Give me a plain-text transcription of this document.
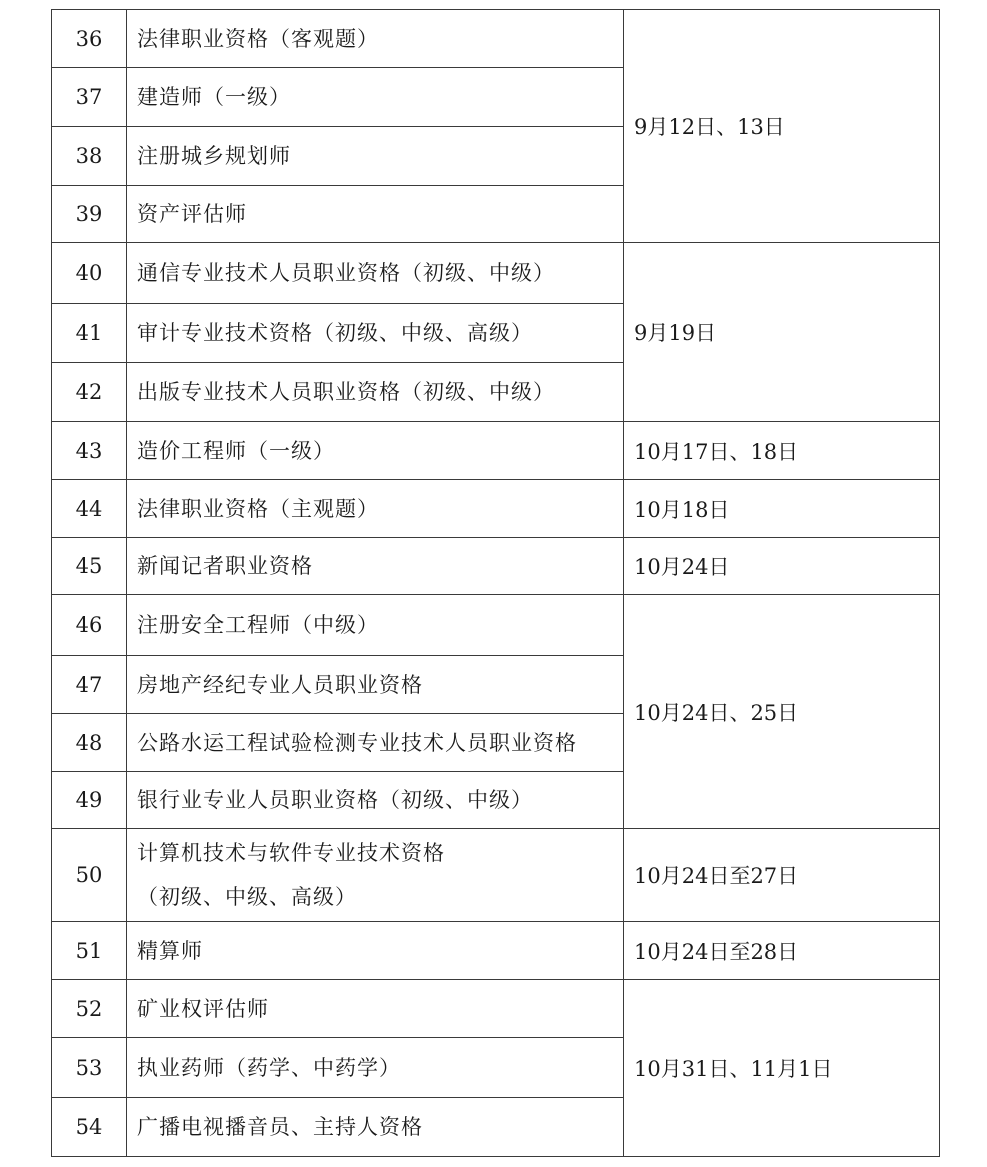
36	法律职业资格（客观题）	9月12日、13日
37	建造师（一级）	

38	注册城乡规划师	

39	资产评估师	

40	通信专业技术人员职业资格（初级、中级）	9月19日
41	审计专业技术资格（初级、中级、高级）	

42	出版专业技术人员职业资格（初级、中级）	

43	造价工程师（一级）	10月17日、18日
44	法律职业资格（主观题）	10月18日
45	新闻记者职业资格	10月24日
46	注册安全工程师（中级）	10月24日、25日
47	房地产经纪专业人员职业资格	

48	公路水运工程试验检测专业技术人员职业资格	

49	银行业专业人员职业资格（初级、中级）	

50	计算机技术与软件专业技术资格
（初级、中级、高级）	10月24日至27日
51	精算师	10月24日至28日
52	矿业权评估师	10月31日、11月1日
53	执业药师（药学、中药学）	

54	广播电视播音员、主持人资格	
